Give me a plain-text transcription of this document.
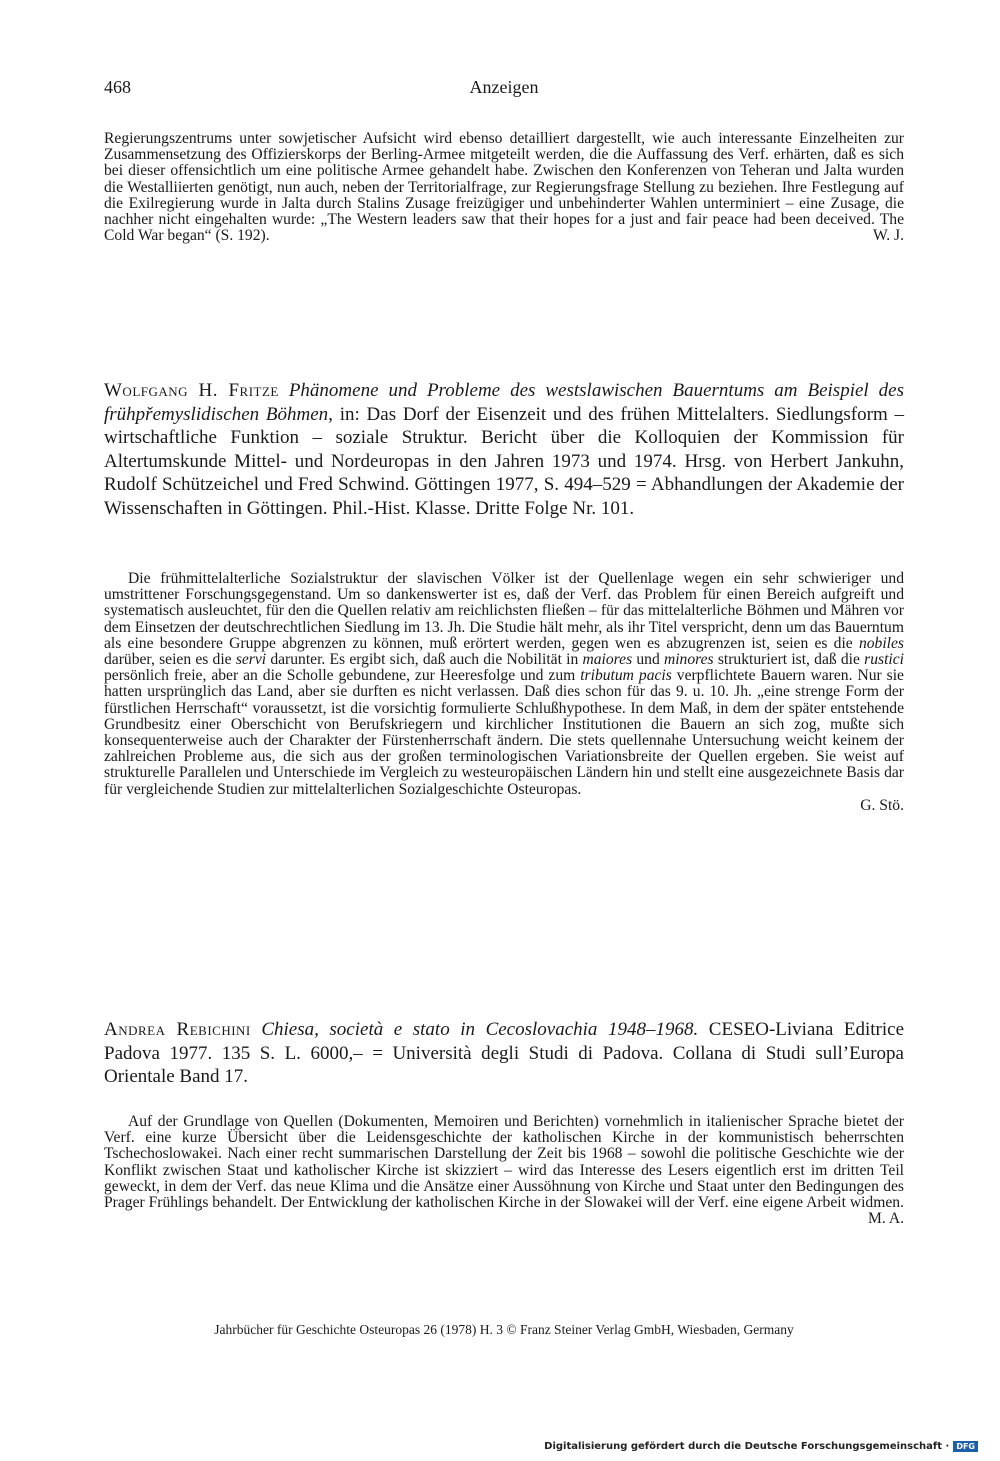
468	Anzeigen

Regierungszentrums unter sowjetischer Aufsicht wird ebenso detailliert dargestellt, wie auch interessante Einzelheiten zur Zusammensetzung des Offizierskorps der Berling-Armee mitgeteilt werden, die die Auffassung des Verf. erhärten, daß es sich bei dieser offensichtlich um eine politische Armee gehandelt habe. Zwischen den Konferenzen von Teheran und Jalta wurden die Westalliierten genötigt, nun auch, neben der Territorialfrage, zur Regierungsfrage Stellung zu beziehen. Ihre Festlegung auf die Exilregierung wurde in Jalta durch Stalins Zusage freizügiger und unbehinderter Wahlen unterminiert – eine Zusage, die nachher nicht eingehalten wurde: „The Western leaders saw that their hopes for a just and fair peace had been deceived. The Cold War began“ (S. 192).	W. J.

Wolfgang H. Fritze Phänomene und Probleme des westslawischen Bauerntums am Beispiel des frühpřemyslidischen Böhmen, in: Das Dorf der Eisenzeit und des frühen Mittelalters. Siedlungsform – wirtschaftliche Funktion – soziale Struktur. Bericht über die Kolloquien der Kommission für Altertumskunde Mittel- und Nordeuropas in den Jahren 1973 und 1974. Hrsg. von Herbert Jankuhn, Rudolf Schützeichel und Fred Schwind. Göttingen 1977, S. 494–529 = Abhandlungen der Akademie der Wissenschaften in Göttingen. Phil.-Hist. Klasse. Dritte Folge Nr. 101.

Die frühmittelalterliche Sozialstruktur der slavischen Völker ist der Quellenlage wegen ein sehr schwieriger und umstrittener Forschungsgegenstand. Um so dankenswerter ist es, daß der Verf. das Problem für einen Bereich aufgreift und systematisch ausleuchtet, für den die Quellen relativ am reichlichsten fließen – für das mittelalterliche Böhmen und Mähren vor dem Einsetzen der deutschrechtlichen Siedlung im 13. Jh. Die Studie hält mehr, als ihr Titel verspricht, denn um das Bauerntum als eine besondere Gruppe abgrenzen zu können, muß erörtert werden, gegen wen es abzugrenzen ist, seien es die nobiles darüber, seien es die servi darunter. Es ergibt sich, daß auch die Nobilität in maiores und minores strukturiert ist, daß die rustici persönlich freie, aber an die Scholle gebundene, zur Heeresfolge und zum tributum pacis verpflichtete Bauern waren. Nur sie hatten ursprünglich das Land, aber sie durften es nicht verlassen. Daß dies schon für das 9. u. 10. Jh. „eine strenge Form der fürstlichen Herrschaft“ voraussetzt, ist die vorsichtig formulierte Schlußhypothese. In dem Maß, in dem der später entstehende Grundbesitz einer Oberschicht von Berufskriegern und kirchlicher Institutionen die Bauern an sich zog, mußte sich konsequenterweise auch der Charakter der Fürstenherrschaft ändern. Die stets quellennahe Untersuchung weicht keinem der zahlreichen Probleme aus, die sich aus der großen terminologischen Variationsbreite der Quellen ergeben. Sie weist auf strukturelle Parallelen und Unterschiede im Vergleich zu westeuropäischen Ländern hin und stellt eine ausgezeichnete Basis dar für vergleichende Studien zur mittelalterlichen Sozialgeschichte Osteuropas.

G. Stö.

Andrea Rebichini Chiesa, società e stato in Cecoslovachia 1948–1968. CESEO-Liviana Editrice Padova 1977. 135 S. L. 6000,– = Università degli Studi di Padova. Collana di Studi sull’Europa Orientale Band 17.

Auf der Grundlage von Quellen (Dokumenten, Memoiren und Berichten) vornehmlich in italienischer Sprache bietet der Verf. eine kurze Übersicht über die Leidensgeschichte der katholischen Kirche in der kommunistisch beherrschten Tschechoslowakei. Nach einer recht summarischen Darstellung der Zeit bis 1968 – sowohl die politische Geschichte wie der Konflikt zwischen Staat und katholischer Kirche ist skizziert – wird das Interesse des Lesers eigentlich erst im dritten Teil geweckt, in dem der Verf. das neue Klima und die Ansätze einer Aussöhnung von Kirche und Staat unter den Bedingungen des Prager Frühlings behandelt. Der Entwicklung der katholischen Kirche in der Slowakei will der Verf. eine eigene Arbeit widmen.
M. A.

Jahrbücher für Geschichte Osteuropas 26 (1978) H. 3 © Franz Steiner Verlag GmbH, Wiesbaden, Germany
Digitalisierung gefördert durch die Deutsche Forschungsgemeinschaft · DFG
